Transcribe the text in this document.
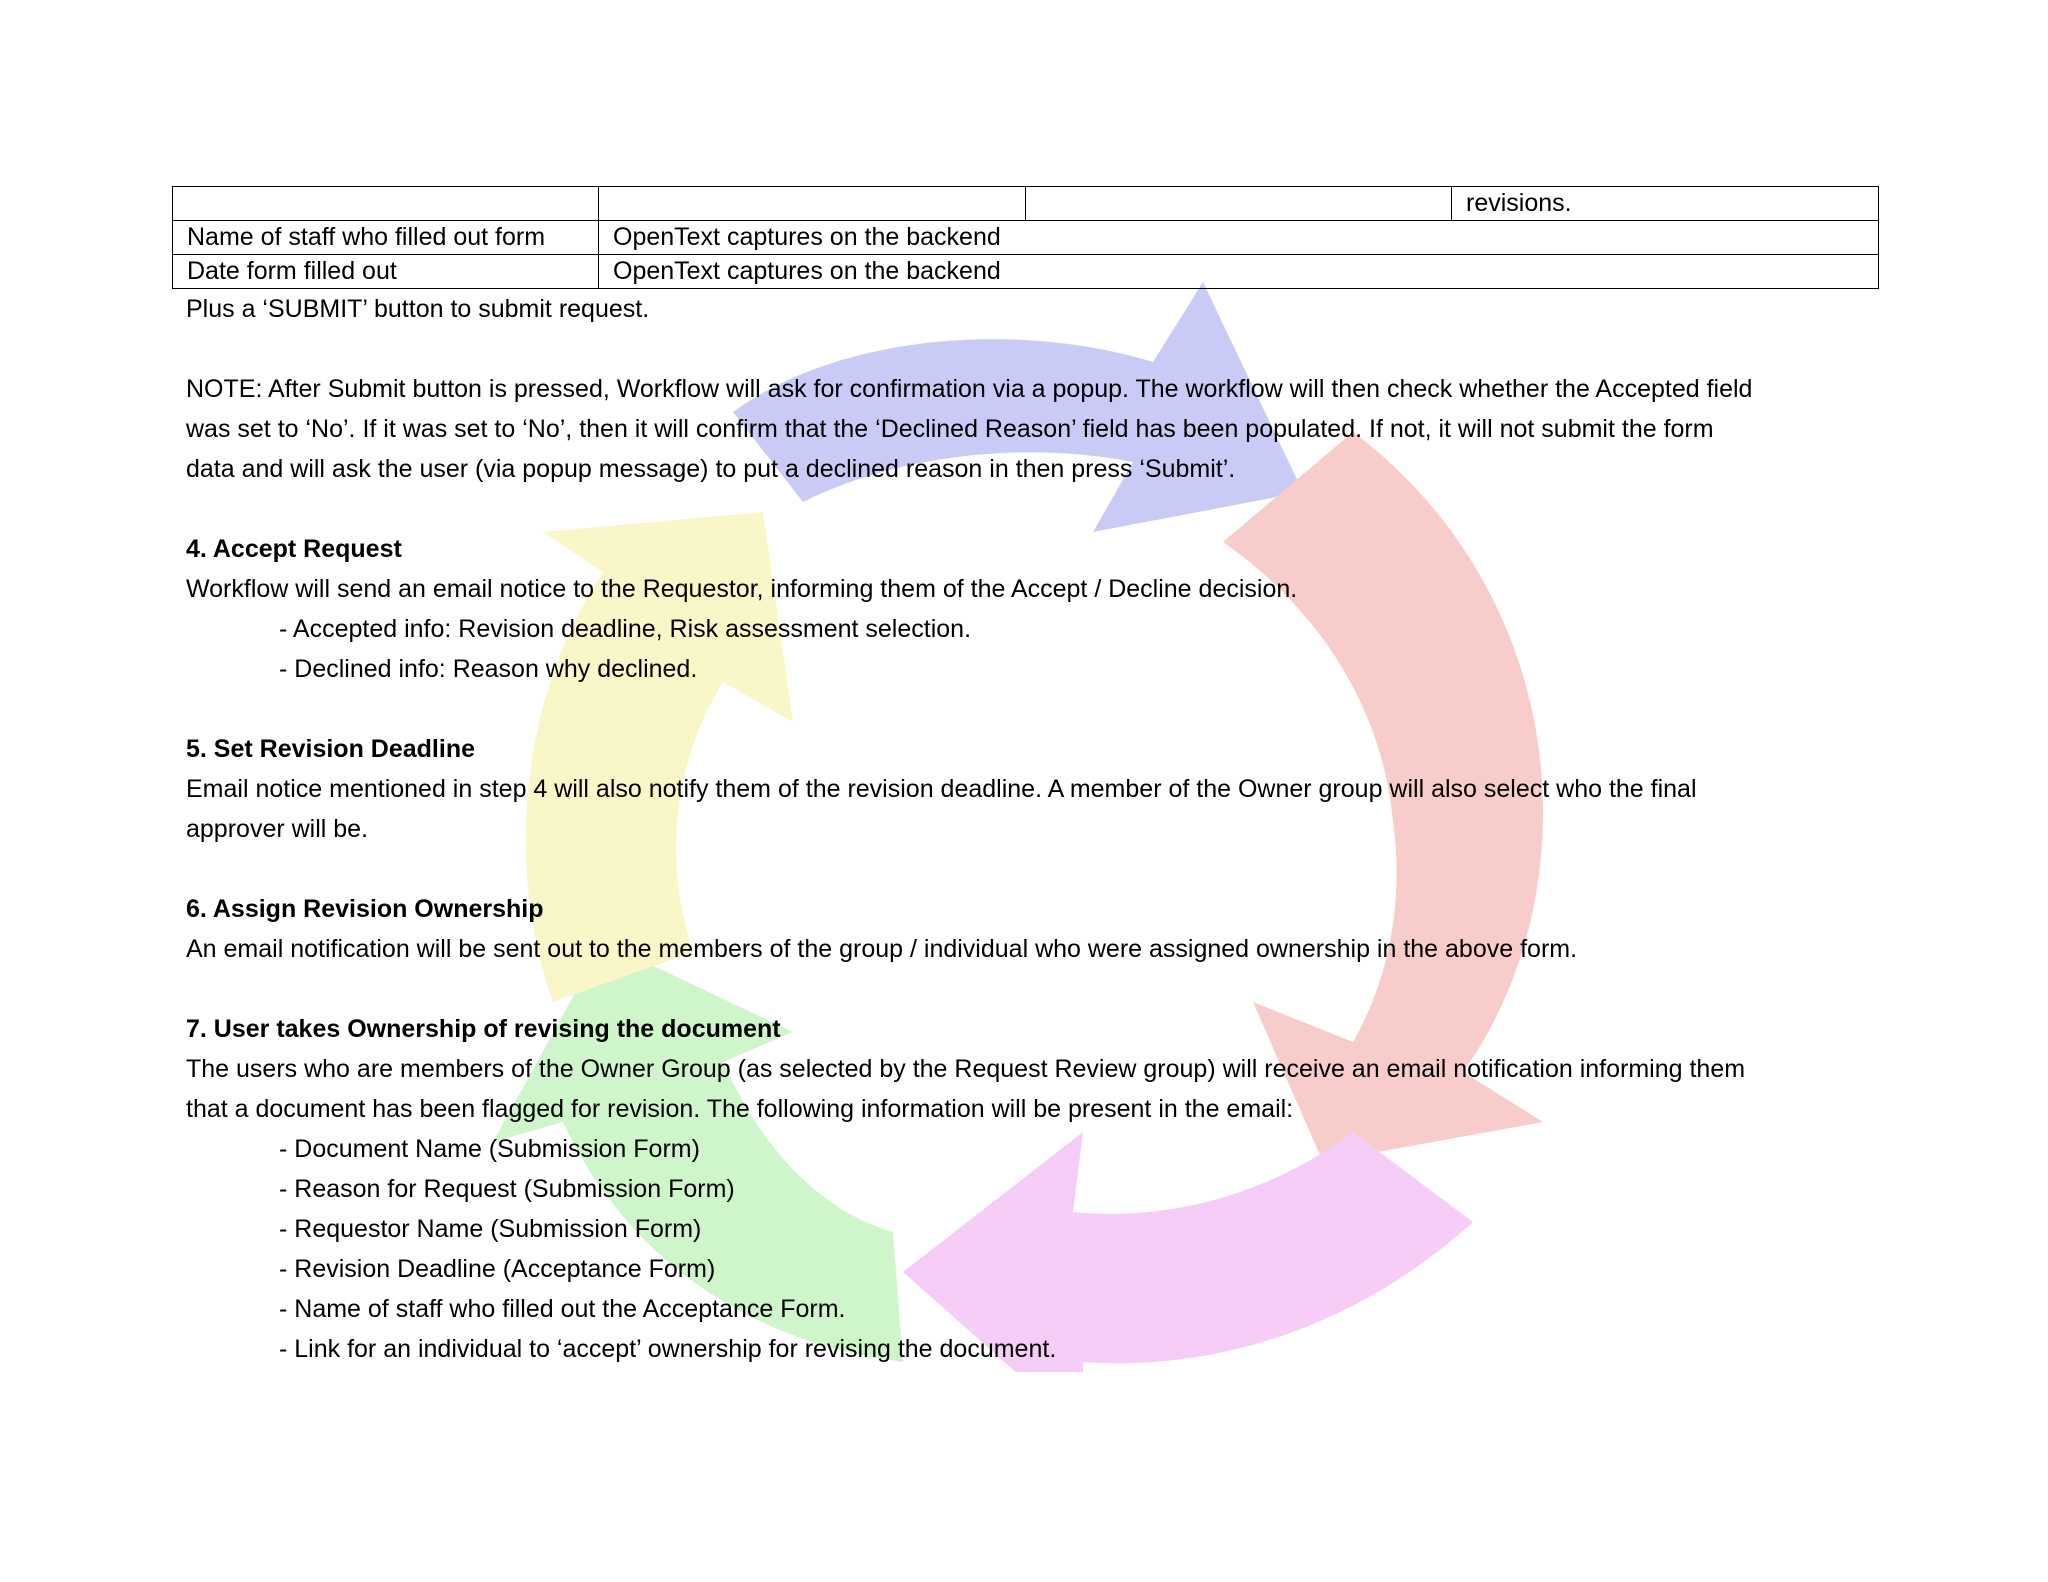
			revisions.
Name of staff who filled out form	OpenText captures on the backend		
Date form filled out	OpenText captures on the backend		

Plus a ‘SUBMIT’ button to submit request.

NOTE: After Submit button is pressed, Workflow will ask for confirmation via a popup. The workflow will then check whether the Accepted field

was set to ‘No’. If it was set to ‘No’, then it will confirm that the ‘Declined Reason’ field has been populated. If not, it will not submit the form

data and will ask the user (via popup message) to put a declined reason in then press ‘Submit’.

4. Accept Request

Workflow will send an email notice to the Requestor, informing them of the Accept / Decline decision.

- Accepted info: Revision deadline, Risk assessment selection.

- Declined info: Reason why declined.

5. Set Revision Deadline

Email notice mentioned in step 4 will also notify them of the revision deadline. A member of the Owner group will also select who the final

approver will be.

6. Assign Revision Ownership

An email notification will be sent out to the members of the group / individual who were assigned ownership in the above form.

7. User takes Ownership of revising the document

The users who are members of the Owner Group (as selected by the Request Review group) will receive an email notification informing them

that a document has been flagged for revision. The following information will be present in the email:

- Document Name (Submission Form)

- Reason for Request (Submission Form)

- Requestor Name (Submission Form)

- Revision Deadline (Acceptance Form)

- Name of staff who filled out the Acceptance Form.

- Link for an individual to ‘accept’ ownership for revising the document.
